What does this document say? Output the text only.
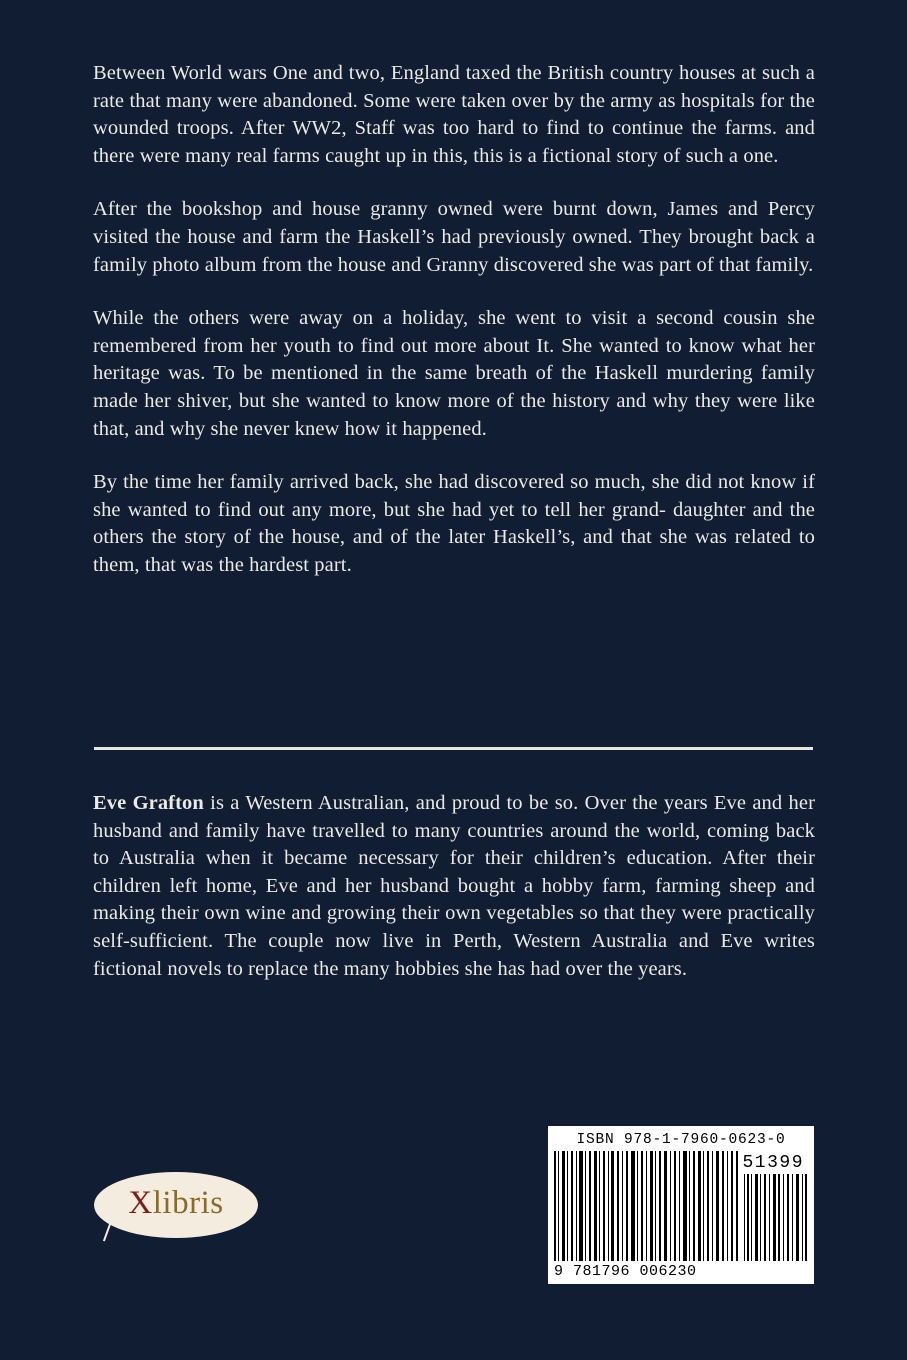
Between World wars One and two, England taxed the British country houses at such a rate that many were abandoned. Some were taken over by the army as hospitals for the wounded troops. After WW2, Staff was too hard to find to continue the farms. and there were many real farms caught up in this, this is a fictional story of such a one.

After the bookshop and house granny owned were burnt down, James and Percy visited the house and farm the Haskell’s had previously owned. They brought back a family photo album from the house and Granny discovered she was part of that family.

While the others were away on a holiday, she went to visit a second cousin she remembered from her youth to find out more about It. She wanted to know what her heritage was. To be mentioned in the same breath of the Haskell murdering family made her shiver, but she wanted to know more of the history and why they were like that, and why she never knew how it happened.

By the time her family arrived back, she had discovered so much, she did not know if she wanted to find out any more, but she had yet to tell her grand- daughter and the others the story of the house, and of the later Haskell’s, and that she was related to them, that was the hardest part.

Eve Grafton is a Western Australian, and proud to be so. Over the years Eve and her husband and family have travelled to many countries around the world, coming back to Australia when it became necessary for their children’s education. After their children left home, Eve and her husband bought a hobby farm, farming sheep and making their own wine and growing their own vegetables so that they were practically self-sufficient. The couple now live in Perth, Western Australia and Eve writes fictional novels to replace the many hobbies she has had over the years.

Xlibris
ISBN 978-1-7960-0623-0
51399
9 781796 006230
